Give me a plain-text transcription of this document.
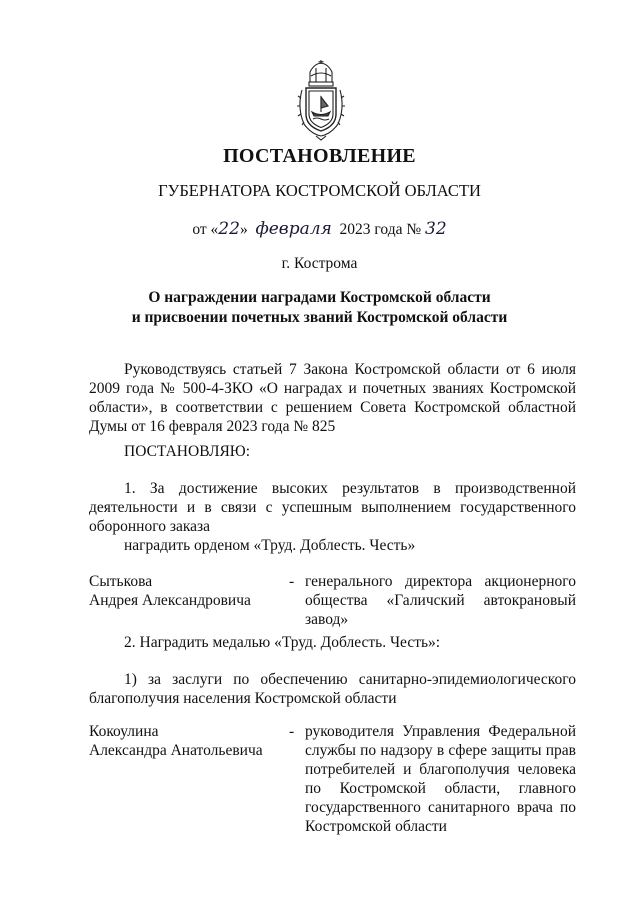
ПОСТАНОВЛЕНИЕ
ГУБЕРНАТОРА КОСТРОМСКОЙ ОБЛАСТИ
от «22» февраля 2023 года № 32
г. Кострома
О награждении наградами Костромской области
и присвоении почетных званий Костромской области
Руководствуясь статьей 7 Закона Костромской области от 6 июля 2009 года № 500-4-ЗКО «О наградах и почетных званиях Костромской области», в соответствии с решением Совета Костромской областной Думы от 16 февраля 2023 года № 825
ПОСТАНОВЛЯЮ:
1. За достижение высоких результатов в производственной деятельности и в связи с успешным выполнением государственного оборонного заказа
наградить орденом «Труд. Доблесть. Честь»
Сытькова
Андрея Александровича
- генерального директора акционерного общества «Галичский автокрановый завод»
2. Наградить медалью «Труд. Доблесть. Честь»:
1) за заслуги по обеспечению санитарно-эпидемиологического благополучия населения Костромской области
Кокоулина
Александра Анатольевича
- руководителя Управления Федеральной службы по надзору в сфере защиты прав потребителей и благополучия человека по Костромской области, главного государственного санитарного врача по Костромской области
